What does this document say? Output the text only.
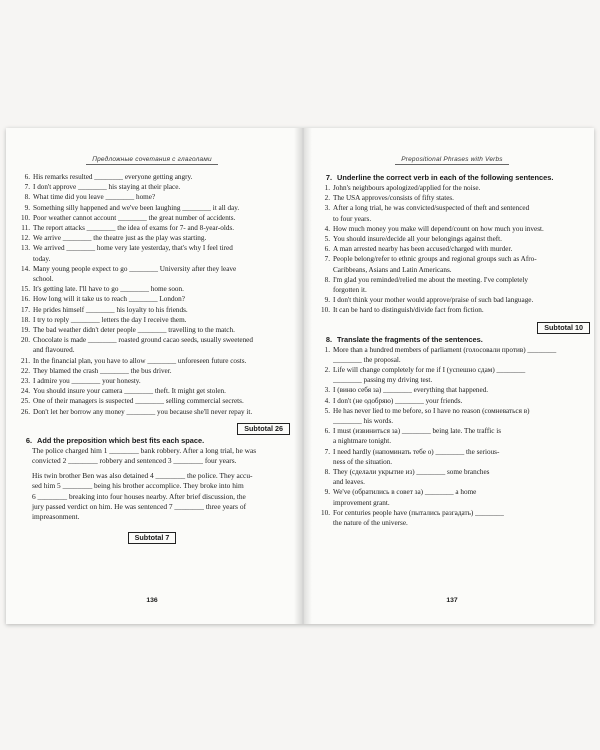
Предложные сочетания с глаголами
6. His remarks resulted ________ everyone getting angry.
7. I don't approve ________ his staying at their place.
8. What time did you leave ________ home?
9. Something silly happened and we've been laughing ________ it all day.
10. Poor weather cannot account ________ the great number of accidents.
11. The report attacks ________ the idea of exams for 7- and 8-year-olds.
12. We arrive ________ the theatre just as the play was starting.
13. We arrived ________ home very late yesterday, that's why I feel tired
today.
14. Many young people expect to go ________ University after they leave
school.
15. It's getting late. I'll have to go ________ home soon.
16. How long will it take us to reach ________ London?
17. He prides himself ________ his loyalty to his friends.
18. I try to reply ________ letters the day I receive them.
19. The bad weather didn't deter people ________ travelling to the match.
20. Chocolate is made ________ roasted ground cacao seeds, usually sweetened
and flavoured.
21. In the financial plan, you have to allow ________ unforeseen future costs.
22. They blamed the crash ________ the bus driver.
23. I admire you ________ your honesty.
24. You should insure your camera ________ theft. It might get stolen.
25. One of their managers is suspected ________ selling commercial secrets.
26. Don't let her borrow any money ________ you because she'll never repay it.
Subtotal 26
6. Add the preposition which best fits each space.
The police charged him 1 ________ bank robbery. After a long trial, he was
convicted 2 ________ robbery and sentenced 3 ________ four years.
His twin brother Ben was also detained 4 ________ the police. They accu-
sed him 5 ________ being his brother accomplice. They broke into him
6 ________ breaking into four houses nearby. After brief discussion, the
jury passed verdict on him. He was sentenced 7 ________ three years of
impreasonment.
Subtotal 7
136
Prepositional Phrases with Verbs
7. Underline the correct verb in each of the following sentences.
1. John's neighbours apologized/applied for the noise.
2. The USA approves/consists of fifty states.
3. After a long trial, he was convicted/suspected of theft and sentenced
to four years.
4. How much money you make will depend/count on how much you invest.
5. You should insure/decide all your belongings against theft.
6. A man arrested nearby has been accused/charged with murder.
7. People belong/refer to ethnic groups and regional groups such as Afro-
Caribbeans, Asians and Latin Americans.
8. I'm glad you reminded/relied me about the meeting. I've completely
forgotten it.
9. I don't think your mother would approve/praise of such bad language.
10. It can be hard to distinguish/divide fact from fiction.
Subtotal 10
8. Translate the fragments of the sentences.
1. More than a hundred members of parliament (голосовали против) ________
________ the proposal.
2. Life will change completely for me if I (успешно сдам) ________
________ passing my driving test.
3. I (виню себя за) ________ everything that happened.
4. I don't (не одобряю) ________ your friends.
5. He has never lied to me before, so I have no reason (сомневаться в)
________ his words.
6. I must (извиниться за) ________ being late. The traffic is
a nightmare tonight.
7. I need hardly (напоминать тебе о) ________ the serious-
ness of the situation.
8. They (сделали укрытие из) ________ some branches
and leaves.
9. We've (обратились в совет за) ________ a home
improvement grant.
10. For centuries people have (пытались разгадать) ________
the nature of the universe.
137
